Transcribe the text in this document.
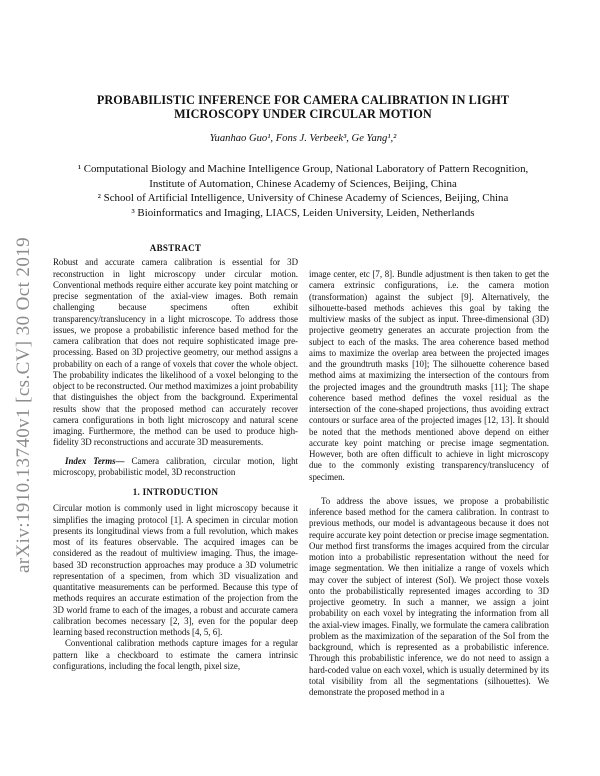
arXiv:1910.13740v1 [cs.CV] 30 Oct 2019
PROBABILISTIC INFERENCE FOR CAMERA CALIBRATION IN LIGHT MICROSCOPY UNDER CIRCULAR MOTION
Yuanhao Guo¹, Fons J. Verbeek³, Ge Yang¹,²
¹ Computational Biology and Machine Intelligence Group, National Laboratory of Pattern Recognition,
Institute of Automation, Chinese Academy of Sciences, Beijing, China
² School of Artificial Intelligence, University of Chinese Academy of Sciences, Beijing, China
³ Bioinformatics and Imaging, LIACS, Leiden University, Leiden, Netherlands

ABSTRACT

Robust and accurate camera calibration is essential for 3D reconstruction in light microscopy under circular motion. Conventional methods require either accurate key point matching or precise segmentation of the axial-view images. Both remain challenging because specimens often exhibit transparency/translucency in a light microscope. To address those issues, we propose a probabilistic inference based method for the camera calibration that does not require sophisticated image pre-processing. Based on 3D projective geometry, our method assigns a probability on each of a range of voxels that cover the whole object. The probability indicates the likelihood of a voxel belonging to the object to be reconstructed. Our method maximizes a joint probability that distinguishes the object from the background. Experimental results show that the proposed method can accurately recover camera configurations in both light microscopy and natural scene imaging. Furthermore, the method can be used to produce high-fidelity 3D reconstructions and accurate 3D measurements.

Index Terms— Camera calibration, circular motion, light microscopy, probabilistic model, 3D reconstruction

1. INTRODUCTION

Circular motion is commonly used in light microscopy because it simplifies the imaging protocol [1]. A specimen in circular motion presents its longitudinal views from a full revolution, which makes most of its features observable. The acquired images can be considered as the readout of multiview imaging. Thus, the image-based 3D reconstruction approaches may produce a 3D volumetric representation of a specimen, from which 3D visualization and quantitative measurements can be performed. Because this type of methods requires an accurate estimation of the projection from the 3D world frame to each of the images, a robust and accurate camera calibration becomes necessary [2, 3], even for the popular deep learning based reconstruction methods [4, 5, 6].

Conventional calibration methods capture images for a regular pattern like a checkboard to estimate the camera intrinsic configurations, including the focal length, pixel size,

image center, etc [7, 8]. Bundle adjustment is then taken to get the camera extrinsic configurations, i.e. the camera motion (transformation) against the subject [9]. Alternatively, the silhouette-based methods achieves this goal by taking the multiview masks of the subject as input. Three-dimensional (3D) projective geometry generates an accurate projection from the subject to each of the masks. The area coherence based method aims to maximize the overlap area between the projected images and the groundtruth masks [10]; The silhouette coherence based method aims at maximizing the intersection of the contours from the projected images and the groundtruth masks [11]; The shape coherence based method defines the voxel residual as the intersection of the cone-shaped projections, thus avoiding extract contours or surface area of the projected images [12, 13]. It should be noted that the methods mentioned above depend on either accurate key point matching or precise image segmentation. However, both are often difficult to achieve in light microscopy due to the commonly existing transparency/translucency of specimen.

To address the above issues, we propose a probabilistic inference based method for the camera calibration. In contrast to previous methods, our model is advantageous because it does not require accurate key point detection or precise image segmentation. Our method first transforms the images acquired from the circular motion into a probabilistic representation without the need for image segmentation. We then initialize a range of voxels which may cover the subject of interest (SoI). We project those voxels onto the probabilistically represented images according to 3D projective geometry. In such a manner, we assign a joint probability on each voxel by integrating the information from all the axial-view images. Finally, we formulate the camera calibration problem as the maximization of the separation of the SoI from the background, which is represented as a probabilistic inference. Through this probabilistic inference, we do not need to assign a hard-coded value on each voxel, which is usually determined by its total visibility from all the segmentations (silhouettes). We demonstrate the proposed method in a
